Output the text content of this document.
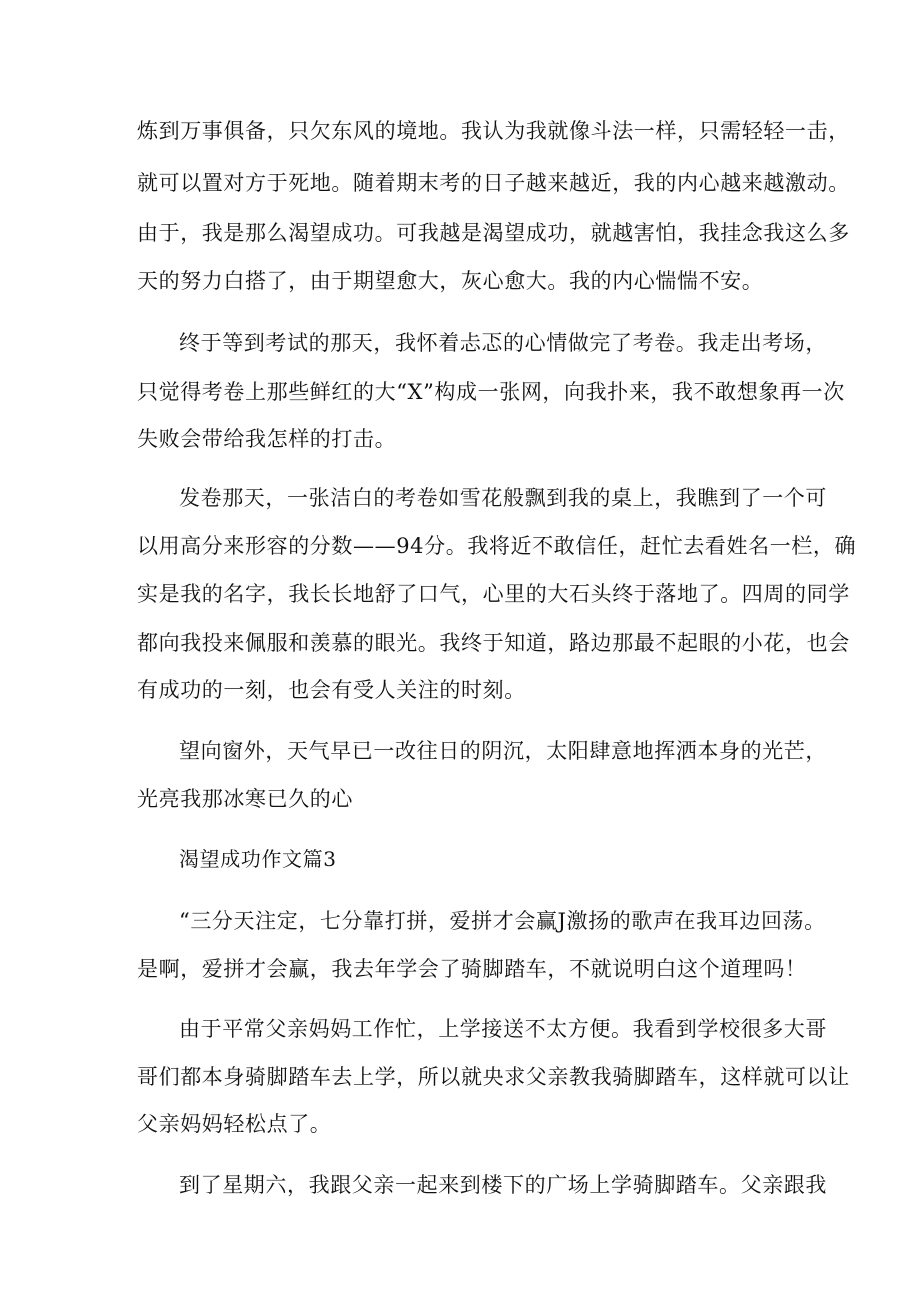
炼到万事俱备，只欠东风的境地。我认为我就像斗法一样，只需轻轻一击，
就可以置对方于死地。随着期末考的日子越来越近，我的内心越来越激动。
由于，我是那么渴望成功。可我越是渴望成功，就越害怕，我挂念我这么多
天的努力白搭了，由于期望愈大，灰心愈大。我的内心惴惴不安。
终于等到考试的那天，我怀着忐忑的心情做完了考卷。我走出考场，
只觉得考卷上那些鲜红的大“X”构成一张网，向我扑来，我不敢想象再一次
失败会带给我怎样的打击。
发卷那天，一张洁白的考卷如雪花般飘到我的桌上，我瞧到了一个可
以用高分来形容的分数——94分。我将近不敢信任，赶忙去看姓名一栏，确
实是我的名字，我长长地舒了口气，心里的大石头终于落地了。四周的同学
都向我投来佩服和羡慕的眼光。我终于知道，路边那最不起眼的小花，也会
有成功的一刻，也会有受人关注的时刻。
望向窗外，天气早已一改往日的阴沉，太阳肆意地挥洒本身的光芒，
光亮我那冰寒已久的心
渴望成功作文篇3
“三分天注定，七分靠打拼，爱拼才会赢J激扬的歌声在我耳边回荡。
是啊，爱拼才会赢，我去年学会了骑脚踏车，不就说明白这个道理吗！
由于平常父亲妈妈工作忙，上学接送不太方便。我看到学校很多大哥
哥们都本身骑脚踏车去上学，所以就央求父亲教我骑脚踏车，这样就可以让
父亲妈妈轻松点了。
到了星期六，我跟父亲一起来到楼下的广场上学骑脚踏车。父亲跟我
